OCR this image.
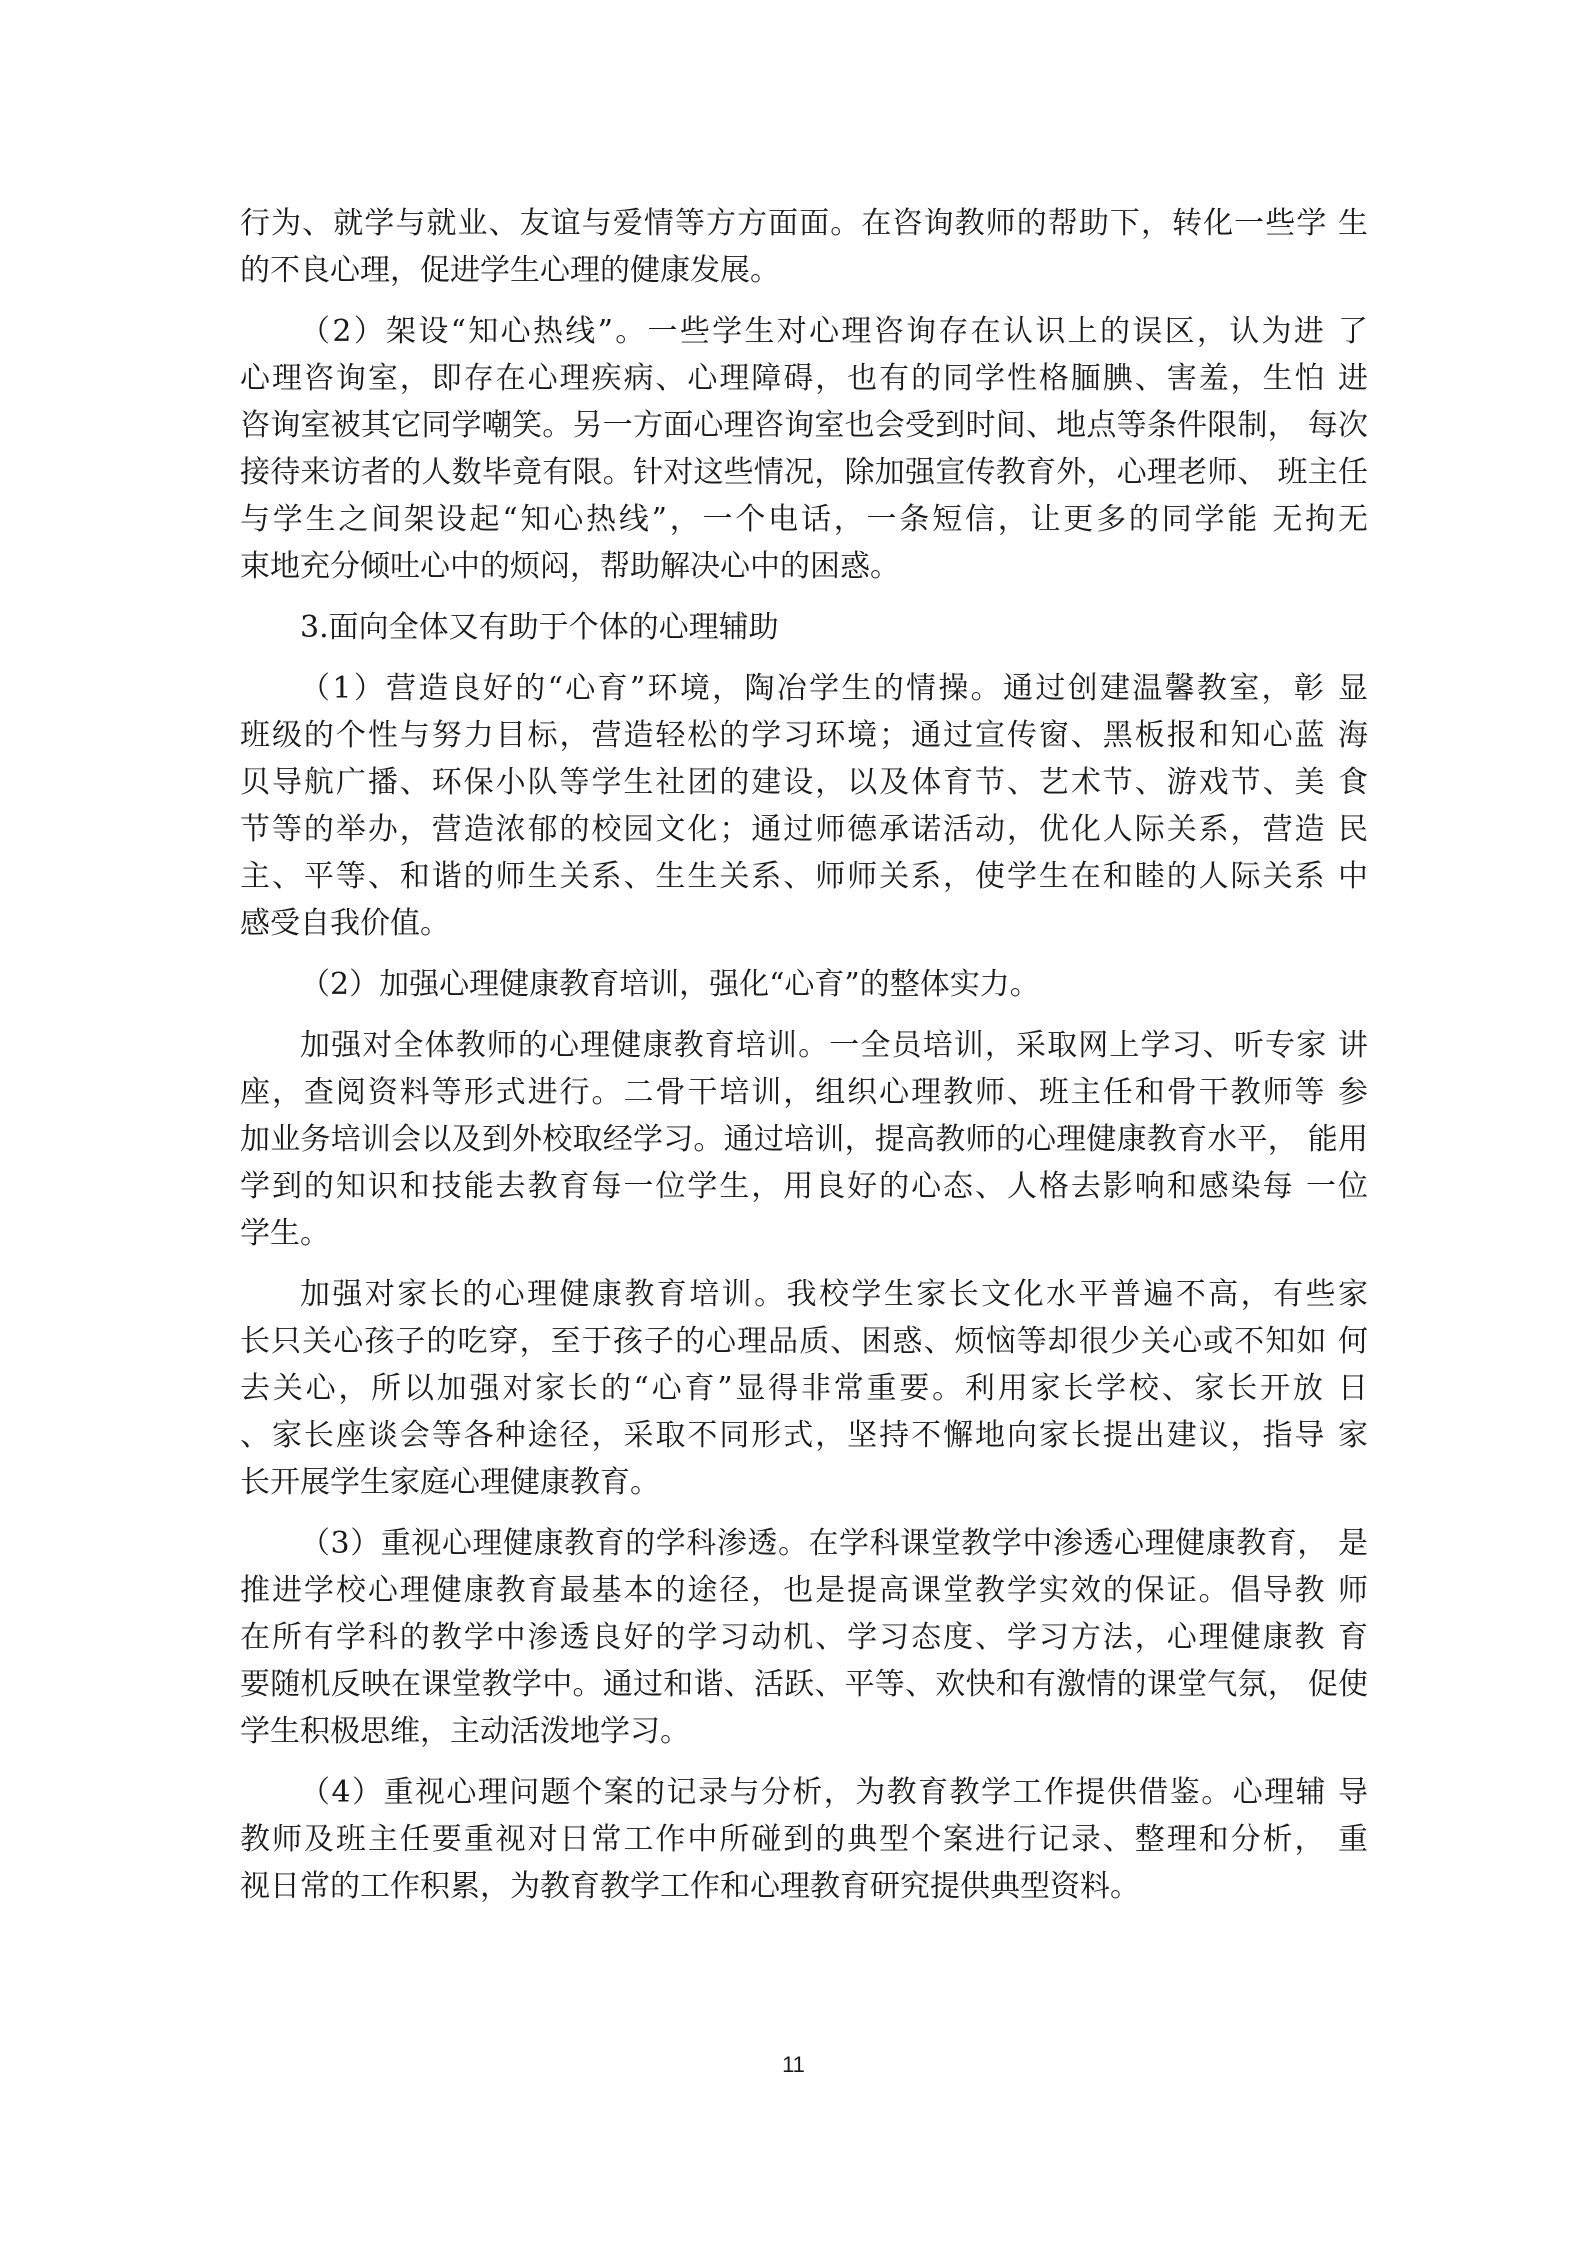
行为、就学与就业、友谊与爱情等方方面面。在咨询教师的帮助下，转化一些学 生
的不良心理，促进学生心理的健康发展。
（2）架设“知心热线”。一些学生对心理咨询存在认识上的误区，认为进 了
心理咨询室，即存在心理疾病、心理障碍，也有的同学性格腼腆、害羞，生怕 进
咨询室被其它同学嘲笑。另一方面心理咨询室也会受到时间、地点等条件限制， 每次
接待来访者的人数毕竟有限。针对这些情况，除加强宣传教育外，心理老师、 班主任
与学生之间架设起“知心热线”，一个电话，一条短信，让更多的同学能 无拘无
束地充分倾吐心中的烦闷，帮助解决心中的困惑。
3.面向全体又有助于个体的心理辅助
（1）营造良好的“心育”环境，陶冶学生的情操。通过创建温馨教室，彰 显
班级的个性与努力目标，营造轻松的学习环境；通过宣传窗、黑板报和知心蓝 海
贝导航广播、环保小队等学生社团的建设，以及体育节、艺术节、游戏节、美 食
节等的举办，营造浓郁的校园文化；通过师德承诺活动，优化人际关系，营造 民
主、平等、和谐的师生关系、生生关系、师师关系，使学生在和睦的人际关系 中
感受自我价值。
（2）加强心理健康教育培训，强化“心育”的整体实力。
加强对全体教师的心理健康教育培训。一全员培训，采取网上学习、听专家 讲
座，查阅资料等形式进行。二骨干培训，组织心理教师、班主任和骨干教师等 参
加业务培训会以及到外校取经学习。通过培训，提高教师的心理健康教育水平， 能用
学到的知识和技能去教育每一位学生，用良好的心态、人格去影响和感染每 一位
学生。
加强对家长的心理健康教育培训。我校学生家长文化水平普遍不高，有些家
长只关心孩子的吃穿，至于孩子的心理品质、困惑、烦恼等却很少关心或不知如 何
去关心，所以加强对家长的“心育”显得非常重要。利用家长学校、家长开放 日
、家长座谈会等各种途径，采取不同形式，坚持不懈地向家长提出建议，指导 家
长开展学生家庭心理健康教育。
（3）重视心理健康教育的学科渗透。在学科课堂教学中渗透心理健康教育， 是
推进学校心理健康教育最基本的途径，也是提高课堂教学实效的保证。倡导教 师
在所有学科的教学中渗透良好的学习动机、学习态度、学习方法，心理健康教 育
要随机反映在课堂教学中。通过和谐、活跃、平等、欢快和有激情的课堂气氛， 促使
学生积极思维，主动活泼地学习。
（4）重视心理问题个案的记录与分析，为教育教学工作提供借鉴。心理辅 导
教师及班主任要重视对日常工作中所碰到的典型个案进行记录、整理和分析， 重
视日常的工作积累，为教育教学工作和心理教育研究提供典型资料。
11
